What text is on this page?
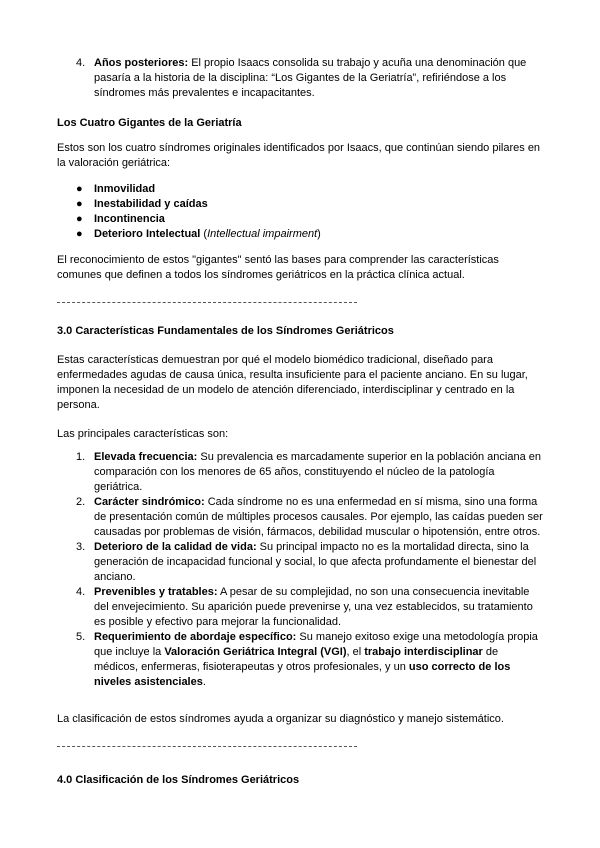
4. Años posteriores: El propio Isaacs consolida su trabajo y acuña una denominación que pasaría a la historia de la disciplina: “Los Gigantes de la Geriatría”, refiriéndose a los síndromes más prevalentes e incapacitantes.
Los Cuatro Gigantes de la Geriatría
Estos son los cuatro síndromes originales identificados por Isaacs, que continúan siendo pilares en la valoración geriátrica:
● Inmovilidad
● Inestabilidad y caídas
● Incontinencia
● Deterioro Intelectual (Intellectual impairment)
El reconocimiento de estos "gigantes" sentó las bases para comprender las características comunes que definen a todos los síndromes geriátricos en la práctica clínica actual.
3.0 Características Fundamentales de los Síndromes Geriátricos
Estas características demuestran por qué el modelo biomédico tradicional, diseñado para enfermedades agudas de causa única, resulta insuficiente para el paciente anciano. En su lugar, imponen la necesidad de un modelo de atención diferenciado, interdisciplinar y centrado en la persona.
Las principales características son:
1. Elevada frecuencia: Su prevalencia es marcadamente superior en la población anciana en comparación con los menores de 65 años, constituyendo el núcleo de la patología geriátrica.
2. Carácter sindrómico: Cada síndrome no es una enfermedad en sí misma, sino una forma de presentación común de múltiples procesos causales. Por ejemplo, las caídas pueden ser causadas por problemas de visión, fármacos, debilidad muscular o hipotensión, entre otros.
3. Deterioro de la calidad de vida: Su principal impacto no es la mortalidad directa, sino la generación de incapacidad funcional y social, lo que afecta profundamente el bienestar del anciano.
4. Prevenibles y tratables: A pesar de su complejidad, no son una consecuencia inevitable del envejecimiento. Su aparición puede prevenirse y, una vez establecidos, su tratamiento es posible y efectivo para mejorar la funcionalidad.
5. Requerimiento de abordaje específico: Su manejo exitoso exige una metodología propia que incluye la Valoración Geriátrica Integral (VGI), el trabajo interdisciplinar de médicos, enfermeras, fisioterapeutas y otros profesionales, y un uso correcto de los niveles asistenciales.
La clasificación de estos síndromes ayuda a organizar su diagnóstico y manejo sistemático.
4.0 Clasificación de los Síndromes Geriátricos
